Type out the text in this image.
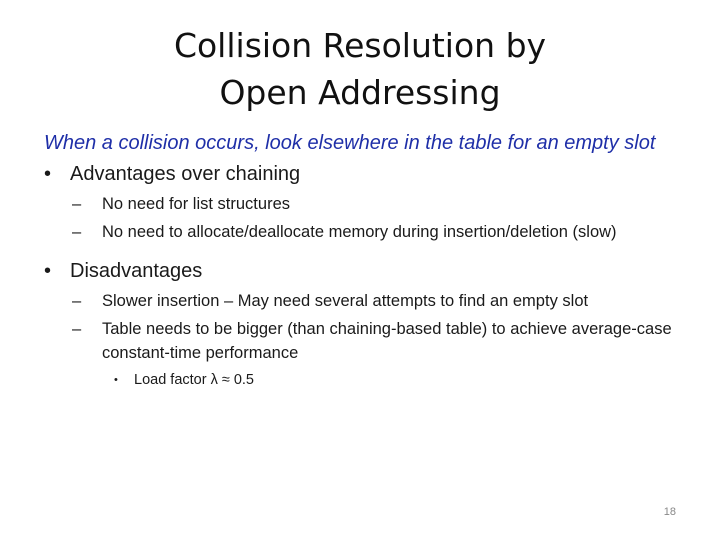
Collision Resolution by
Open Addressing

When a collision occurs, look elsewhere in the table for an empty slot

• Advantages over chaining

– No need for list structures

– No need to allocate/deallocate memory during insertion/deletion (slow)

• Disadvantages

– Slower insertion – May need several attempts to find an empty slot

– Table needs to be bigger (than chaining-based table) to achieve average-case constant-time performance

• Load factor λ ≈ 0.5

18
